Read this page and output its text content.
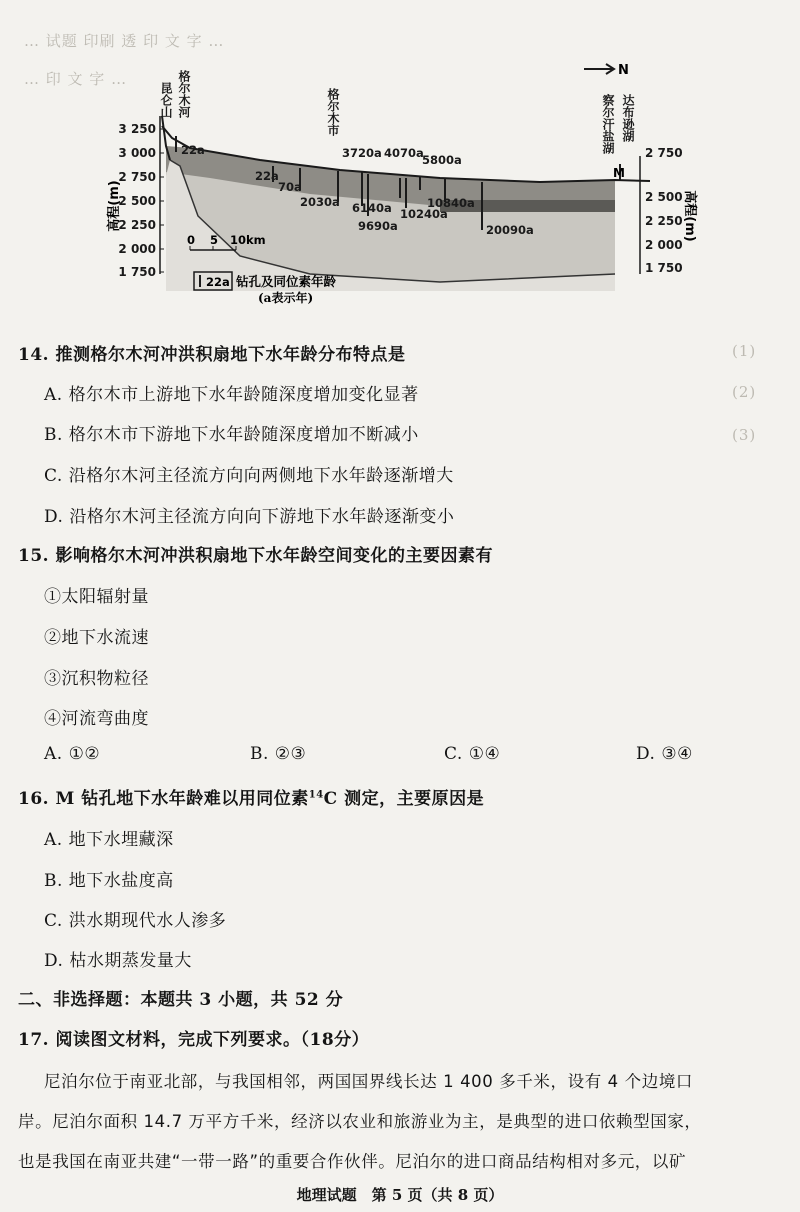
… 试题 印刷 透 印 文 字 …
… 印 文 字 …
(1)
(2)
(3)
3 250
3 000
2 750
2 500
2 250
2 000
1 750
高程(m)
2 750
2 500
2 250
2 000
1 750
高程(m)
N
昆仑山 格尔木河	格尔木市	察尔汗盐湖 达布逊湖
22a
22a
70a
2030a
3720a
6140a
9690a
4070a
10240a
5800a
10840a
20090a
M
0 5 10km
22a 钻孔及同位素年龄
(a表示年)
14. 推测格尔木河冲洪积扇地下水年龄分布特点是
A. 格尔木市上游地下水年龄随深度增加变化显著
B. 格尔木市下游地下水年龄随深度增加不断减小
C. 沿格尔木河主径流方向向两侧地下水年龄逐渐增大
D. 沿格尔木河主径流方向向下游地下水年龄逐渐变小
15. 影响格尔木河冲洪积扇地下水年龄空间变化的主要因素有
①太阳辐射量
②地下水流速
③沉积物粒径
④河流弯曲度
A. ①②	B. ②③	C. ①④	D. ③④
16. M 钻孔地下水年龄难以用同位素$^{14}$C 测定，主要原因是
A. 地下水埋藏深
B. 地下水盐度高
C. 洪水期现代水人渗多
D. 枯水期蒸发量大
二、非选择题：本题共 3 小题，共 52 分
17. 阅读图文材料，完成下列要求。（18分）
尼泊尔位于南亚北部，与我国相邻，两国国界线长达 1 400 多千米，设有 4 个边境口
岸。尼泊尔面积 14.7 万平方千米，经济以农业和旅游业为主，是典型的进口依赖型国家，
也是我国在南亚共建“一带一路”的重要合作伙伴。尼泊尔的进口商品结构相对多元，以矿
地理试题　第 5 页（共 8 页）
